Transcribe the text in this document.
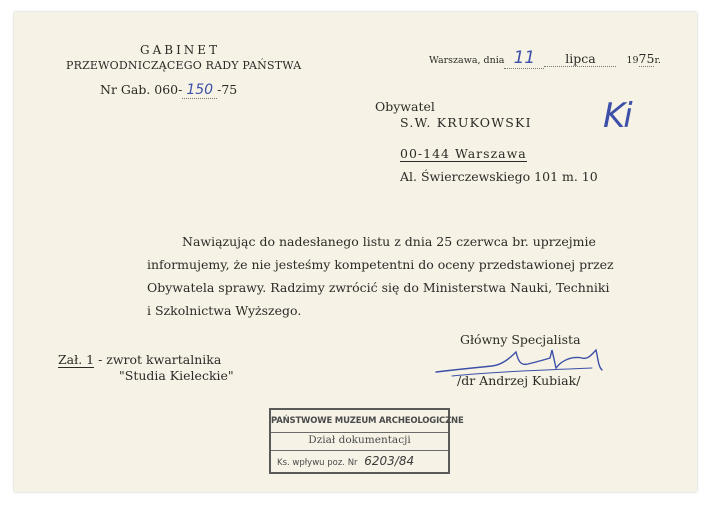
GABINET
PRZEWODNICZĄCEGO RADY PAŃSTWA
Nr Gab. 060- 150 -75
Warszawa, dnia 11 lipca	1975r.
Obywatel
S.W. KRUKOWSKI
00-144 Warszawa
Al. Świerczewskiego 101 m. 10
Ki
Nawiązując do nadesłanego listu z dnia 25 czerwca br. uprzejmie
informujemy, że nie jesteśmy kompetentni do oceny przedstawionej przez
Obywatela sprawy. Radzimy zwrócić się do Ministerstwa Nauki, Techniki
i Szkolnictwa Wyższego.
Główny Specjalista
/dr Andrzej Kubiak/
Zał. 1 - zwrot kwartalnika
"Studia Kieleckie"
PAŃSTWOWE MUZEUM ARCHEOLOGICZNE
Dział dokumentacji
Ks. wpływu poz. Nr 6203/84
